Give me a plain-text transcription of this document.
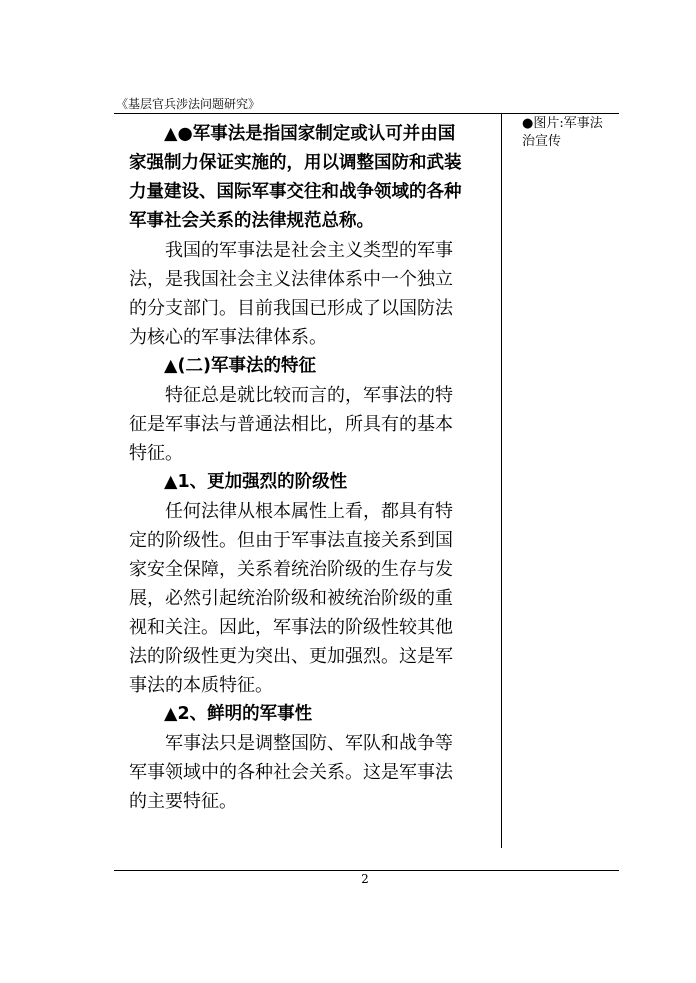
《基层官兵涉法问题研究》
●图片:军事法治宣传

▲●军事法是指国家制定或认可并由国家强制力保证实施的，用以调整国防和武装力量建设、国际军事交往和战争领域的各种军事社会关系的法律规范总称。

我国的军事法是社会主义类型的军事法，是我国社会主义法律体系中一个独立的分支部门。目前我国已形成了以国防法为核心的军事法律体系。

▲(二)军事法的特征

特征总是就比较而言的，军事法的特征是军事法与普通法相比，所具有的基本特征。

▲1、更加强烈的阶级性

任何法律从根本属性上看，都具有特定的阶级性。但由于军事法直接关系到国家安全保障，关系着统治阶级的生存与发展，必然引起统治阶级和被统治阶级的重视和关注。因此，军事法的阶级性较其他法的阶级性更为突出、更加强烈。这是军事法的本质特征。

▲2、鲜明的军事性

军事法只是调整国防、军队和战争等军事领域中的各种社会关系。这是军事法的主要特征。

2
